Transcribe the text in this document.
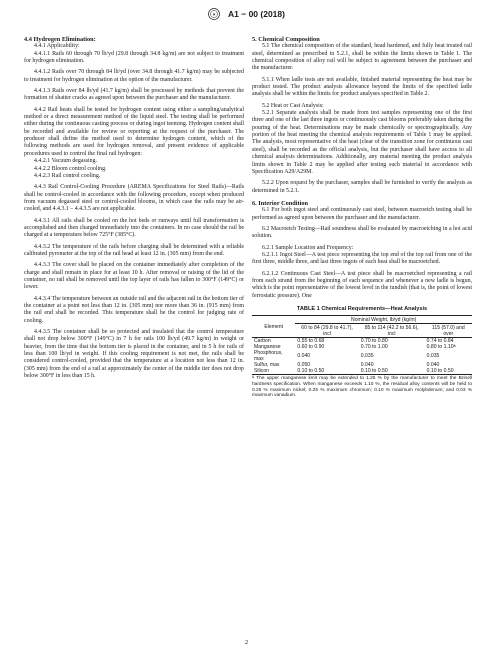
A A1 − 00 (2018)

4.4 Hydrogen Elimination:

4.4.1 Applicability:

4.4.1.1 Rails 60 through 70 lb/yd (29.8 through 34.8 kg/m) are not subject to treatment for hydrogen elimination.

4.4.1.2 Rails over 70 through 84 lb/yd (over 34.8 through 41.7 kg/m) may be subjected to treatment for hydrogen elimination at the option of the manufacturer.

4.4.1.3 Rails over 84 lb/yd (41.7 kg/m) shall be processed by methods that prevent the formation of shatter cracks as agreed upon between the purchaser and the manufacturer.

4.4.2 Rail heats shall be tested for hydrogen content using either a sampling/analytical method or a direct measurement method of the liquid steel. The testing shall be performed either during the continuous casting process or during ingot teeming. Hydrogen content shall be recorded and available for review or reporting at the request of the purchaser. The producer shall define the method used to determine hydrogen content, which of the following methods are used for hydrogen removal, and present evidence of applicable procedures used to control the final rail hydrogen:

4.4.2.1 Vacuum degassing.

4.4.2.2 Bloom control cooling.

4.4.2.3 Rail control cooling.

4.4.3 Rail Control-Cooling Procedure (AREMA Specifications for Steel Rails)—Rails shall be control-cooled in accordance with the following procedure, except when produced from vacuum degassed steel or control-cooled blooms, in which case the rails may be air-cooled, and 4.4.3.1 – 4.4.3.5 are not applicable.

4.4.3.1 All rails shall be cooled on the hot beds or runways until full transformation is accomplished and then charged immediately into the containers. In no case should the rail be charged at a temperature below 725°F (385°C).

4.4.3.2 The temperature of the rails before charging shall be determined with a reliable calibrated pyrometer at the top of the rail head at least 12 in. (305 mm) from the end.

4.4.3.3 The cover shall be placed on the container immediately after completion of the charge and shall remain in place for at least 10 h. After removal or raising of the lid of the container, no rail shall be removed until the top layer of rails has fallen to 300°F (149°C) or lower.

4.4.3.4 The temperature between an outside rail and the adjacent rail in the bottom tier of the container at a point not less than 12 in. (305 mm) nor more than 36 in. (915 mm) from the rail end shall be recorded. This temperature shall be the control for judging rate of cooling.

4.4.3.5 The container shall be so protected and insulated that the control temperature shall not drop below 300°F (149°C) in 7 h for rails 100 lb/yd (49.7 kg/m) in weight or heavier, from the time that the bottom tier is placed in the container, and in 5 h for rails of less than 100 lb/yd in weight. If this cooling requirement is not met, the rails shall be considered control-cooled, provided that the temperature at a location not less than 12 in. (305 mm) from the end of a rail at approximately the center of the middle tier does not drop below 300°F in less than 15 h.

5. Chemical Composition

5.1 The chemical composition of the standard, head hardened, and fully heat treated rail steel, determined as prescribed in 5.2.1, shall be within the limits shown in Table 1. The chemical composition of alloy rail will be subject to agreement between the purchaser and the manufacturer.

5.1.1 When ladle tests are not available, finished material representing the heat may be product tested. The product analysis allowance beyond the limits of the specified ladle analysis shall be within the limits for product analyses specified in Table 2.

5.2 Heat or Cast Analysis:

5.2.1 Separate analysis shall be made from test samples representing one of the first three and one of the last three ingots or continuously cast blooms preferably taken during the pouring of the heat. Determinations may be made chemically or spectrographically. Any portion of the heat meeting the chemical analysis requirements of Table 1 may be applied. The analysis, most representative of the heat (clear of the transition zone for continuous cast steel), shall be recorded as the official analysis, but the purchaser shall have access to all chemical analysis determinations. Additionally, any material meeting the product analysis limits shown in Table 2 may be applied after testing such material in accordance with Specification A29/A29M.

5.2.2 Upon request by the purchaser, samples shall be furnished to verify the analysis as determined in 5.2.1.

6. Interior Condition

6.1 For both ingot steel and continuously cast steel, between macroetch testing shall be performed as agreed upon between the purchaser and the manufacturer.

6.2 Macroetch Testing—Rail soundness shall be evaluated by macroetching in a hot acid solution.

6.2.1 Sample Location and Frequency:

6.2.1.1 Ingot Steel—A test piece representing the top end of the top rail from one of the first three, middle three, and last three ingots of each heat shall be macroetched.

6.2.1.2 Continuous Cast Steel—A test piece shall be macroetched representing a rail from each strand from the beginning of each sequence and whenever a new ladle is begun, which is the point representative of the lowest level in the tundish (that is, the point of lowest ferrostatic pressure). One

TABLE 1 Chemical Requirements—Heat Analysis
Element	Nominal Weight, lb/yd (kg/m)		
	60 to 84 (29.8 to 41.7), incl	85 to 114 (42.2 to 56.6), incl	115 (57.0) and over
Carbon	0.55 to 0.68	0.70 to 0.80	0.74 to 0.84
Manganese	0.60 to 0.90	0.70 to 1.00	0.80 to 1.10ᴬ
Phosphorus, max	0.040	0.035	0.035
Sulfur, max	0.050	0.040	0.040
Silicon	0.10 to 0.50	0.10 to 0.50	0.10 to 0.50
ᴬ The upper manganese limit may be extended to 1.25 % by the manufacturer to meet the Brinell hardness specification. When manganese exceeds 1.10 %, the residual alloy contents will be held to 0.25 % maximum nickel; 0.25 % maximum chromium; 0.10 % maximum molybdenum; and 0.03 % maximum vanadium.
2
